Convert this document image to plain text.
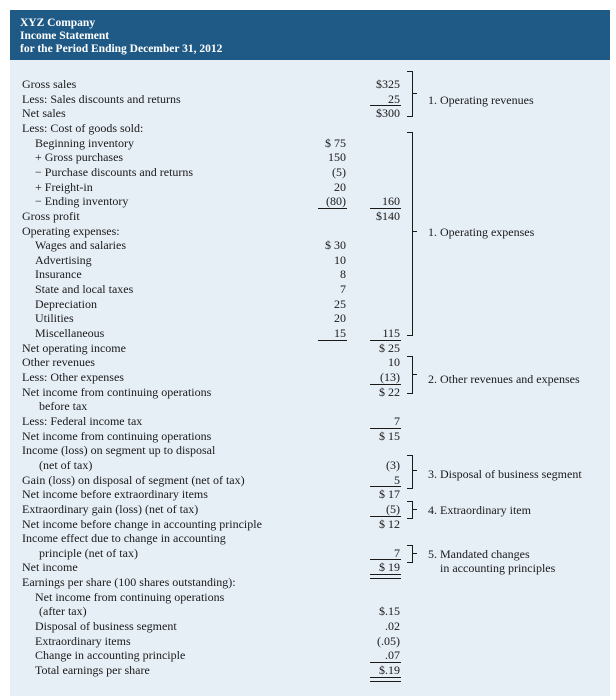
XYZ Company
Income Statement
for the Period Ending December 31, 2012
Gross sales	$325
Less: Sales discounts and returns	25
Net sales	$300
Less: Cost of goods sold:
Beginning inventory	$ 75
+ Gross purchases	150
− Purchase discounts and returns	(5)
+ Freight-in	20
− Ending inventory	(80)	160
Gross profit	$140
Operating expenses:
Wages and salaries	$ 30
Advertising	10
Insurance	8
State and local taxes	7
Depreciation	25
Utilities	20
Miscellaneous	15	115
Net operating income	$ 25
Other revenues	10
Less: Other expenses	(13)
Net income from continuing operations	$ 22
before tax
Less: Federal income tax	7
Net income from continuing operations	$ 15
Income (loss) on segment up to disposal
(net of tax)	(3)
Gain (loss) on disposal of segment (net of tax)	5
Net income before extraordinary items	$ 17
Extraordinary gain (loss) (net of tax)	(5)
Net income before change in accounting principle	$ 12
Income effect due to change in accounting
principle (net of tax)	7
Net income	$ 19
Earnings per share (100 shares outstanding):
Net income from continuing operations
(after tax)	$.15
Disposal of business segment	.02
Extraordinary items	(.05)
Change in accounting principle	.07
Total earnings per share	$.19
1. Operating revenues
1. Operating expenses
2. Other revenues and expenses
3. Disposal of business segment
4. Extraordinary item
5. Mandated changes
in accounting principles
